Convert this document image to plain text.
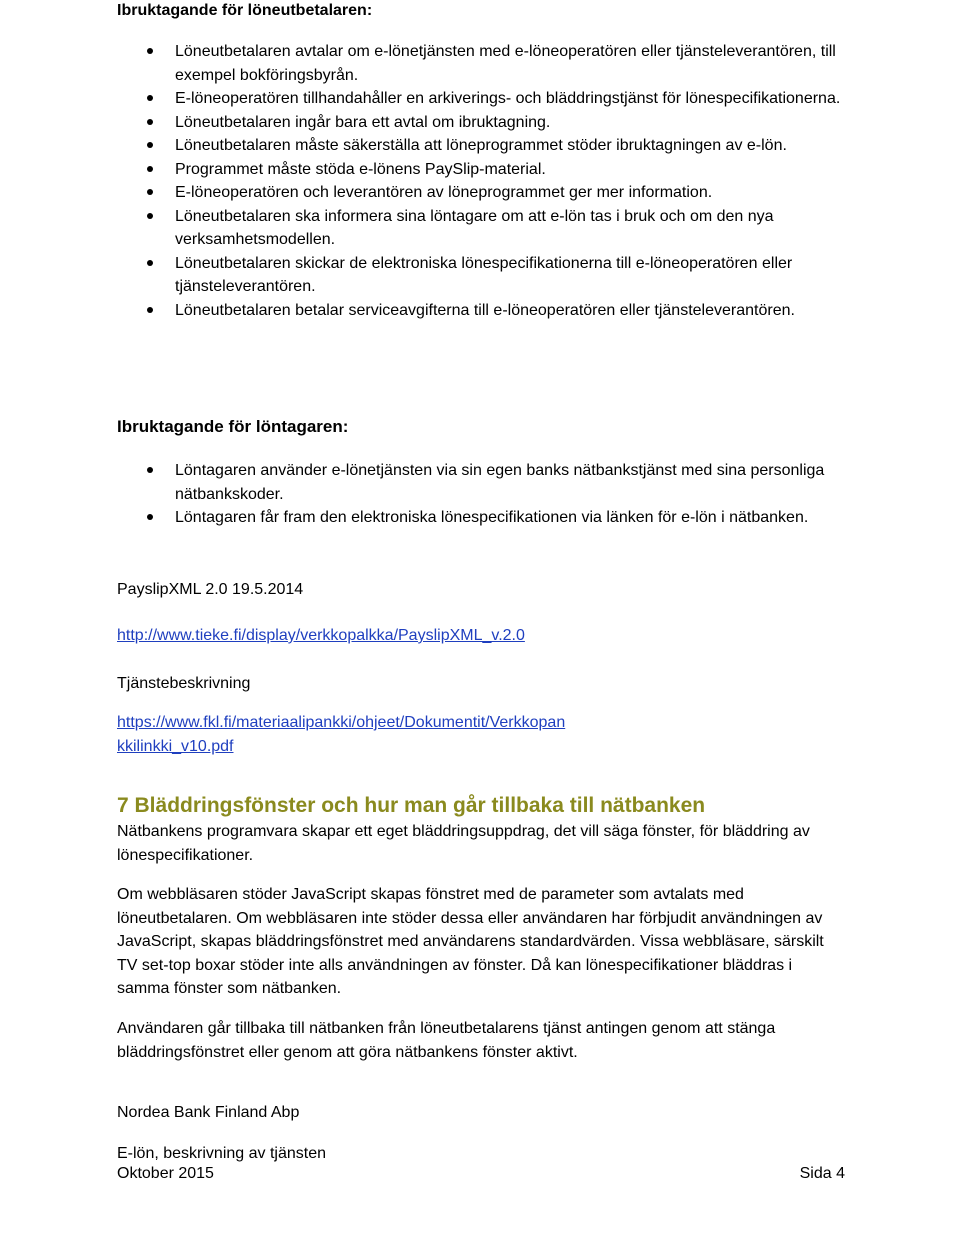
Ibruktagande för löneutbetalaren:
Löneutbetalaren avtalar om e-lönetjänsten med e-löneoperatören eller tjänsteleverantören, till exempel bokföringsbyrån.
E-löneoperatören tillhandahåller en arkiverings- och bläddringstjänst för lönespecifikationerna.
Löneutbetalaren ingår bara ett avtal om ibruktagning.
Löneutbetalaren måste säkerställa att löneprogrammet stöder ibruktagningen av e-lön.
Programmet måste stöda e-lönens PaySlip-material.
E-löneoperatören och leverantören av löneprogrammet ger mer information.
Löneutbetalaren ska informera sina löntagare om att e-lön tas i bruk och om den nya verksamhetsmodellen.
Löneutbetalaren skickar de elektroniska lönespecifikationerna till e-löneoperatören eller tjänsteleverantören.
Löneutbetalaren betalar serviceavgifterna till e-löneoperatören eller tjänsteleverantören.
Ibruktagande för löntagaren:
Löntagaren använder e-lönetjänsten via sin egen banks nätbankstjänst med sina personliga nätbankskoder.
Löntagaren får fram den elektroniska lönespecifikationen via länken för e-lön i nätbanken.

PayslipXML 2.0 19.5.2014

http://www.tieke.fi/display/verkkopalkka/PayslipXML_v.2.0

Tjänstebeskrivning

https://www.fkl.fi/materiaalipankki/ohjeet/Dokumentit/Verkkopan
kkilinkki_v10.pdf

7 Bläddringsfönster och hur man går tillbaka till nätbanken

Nätbankens programvara skapar ett eget bläddringsuppdrag, det vill säga fönster, för bläddring av lönespecifikationer.

Om webbläsaren stöder JavaScript skapas fönstret med de parameter som avtalats med löneutbetalaren. Om webbläsaren inte stöder dessa eller användaren har förbjudit användningen av JavaScript, skapas bläddringsfönstret med användarens standardvärden. Vissa webbläsare, särskilt TV set-top boxar stöder inte alls användningen av fönster. Då kan lönespecifikationer bläddras i samma fönster som nätbanken.

Användaren går tillbaka till nätbanken från löneutbetalarens tjänst antingen genom att stänga bläddringsfönstret eller genom att göra nätbankens fönster aktivt.

Nordea Bank Finland Abp

E-lön, beskrivning av tjänsten

Oktober 2015	Sida 4
